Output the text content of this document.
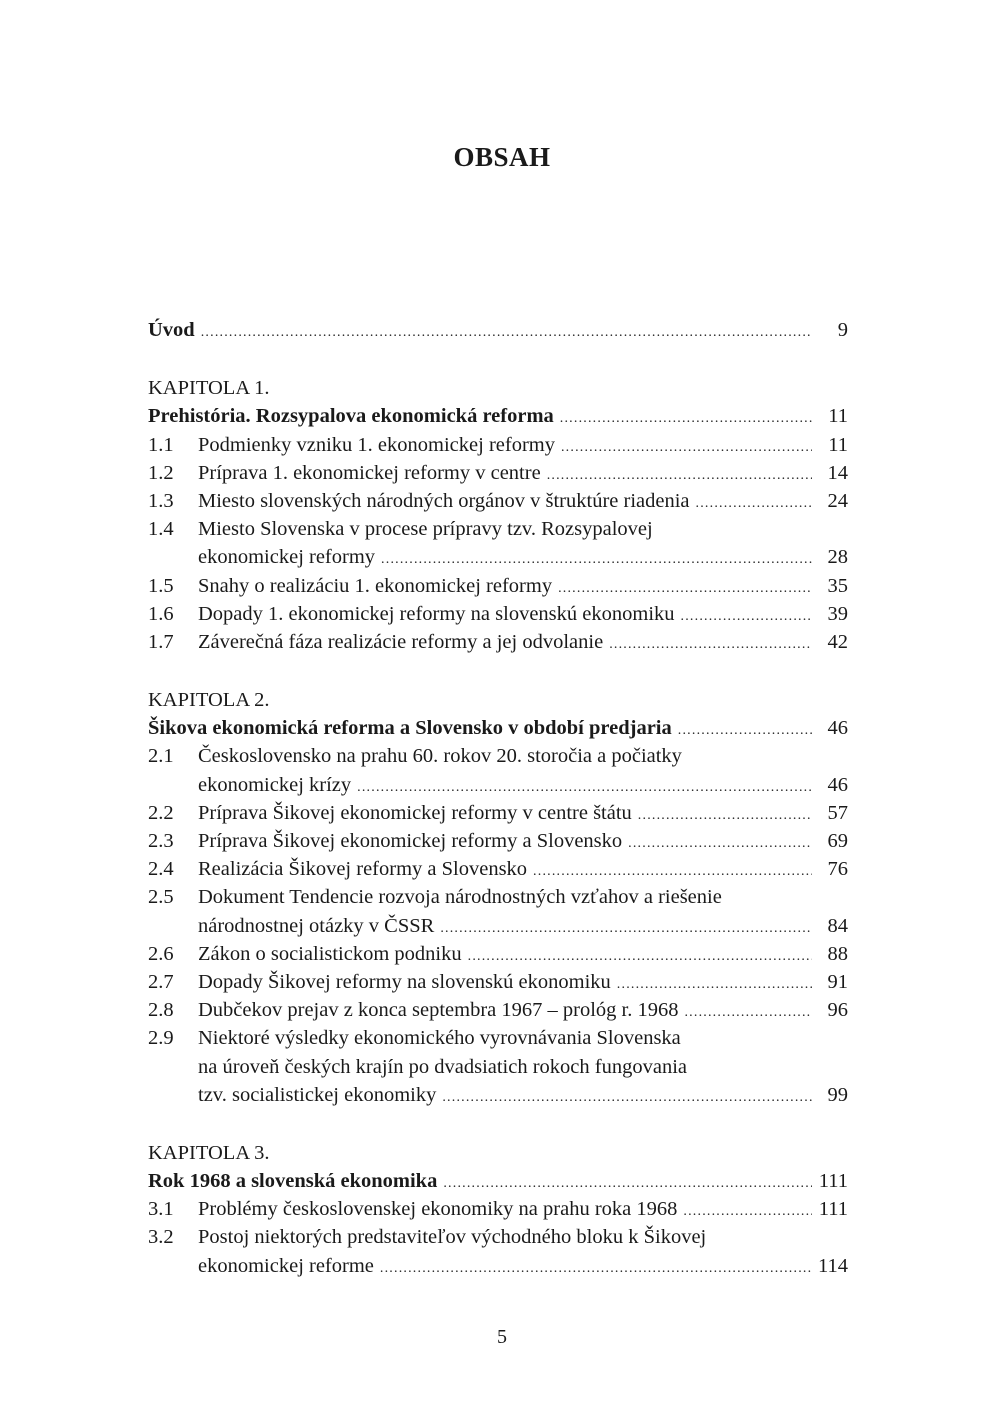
OBSAH
Úvod .....	9
KAPITOLA 1.
Prehistória. Rozsypalova ekonomická reforma .....	11
1.1	Podmienky vzniku 1. ekonomickej reformy .....	11
1.2	Príprava 1. ekonomickej reformy v centre .....	14
1.3	Miesto slovenských národných orgánov v štruktúre riadenia .....	24
1.4	Miesto Slovenska v procese prípravy tzv. Rozsypalovej
ekonomickej reformy .....	28
1.5	Snahy o realizáciu 1. ekonomickej reformy .....	35
1.6	Dopady 1. ekonomickej reformy na slovenskú ekonomiku .....	39
1.7	Záverečná fáza realizácie reformy a jej odvolanie .....	42
KAPITOLA 2.
Šikova ekonomická reforma a Slovensko v období predjaria .....	46
2.1	Československo na prahu 60. rokov 20. storočia a počiatky
ekonomickej krízy .....	46
2.2	Príprava Šikovej ekonomickej reformy v centre štátu .....	57
2.3	Príprava Šikovej ekonomickej reformy a Slovensko .....	69
2.4	Realizácia Šikovej reformy a Slovensko .....	76
2.5	Dokument Tendencie rozvoja národnostných vzťahov a riešenie
národnostnej otázky v ČSSR .....	84
2.6	Zákon o socialistickom podniku .....	88
2.7	Dopady Šikovej reformy na slovenskú ekonomiku .....	91
2.8	Dubčekov prejav z konca septembra 1967 – prológ r. 1968 .....	96
2.9	Niektoré výsledky ekonomického vyrovnávania Slovenska
na úroveň českých krajín po dvadsiatich rokoch fungovania
tzv. socialistickej ekonomiky .....	99
KAPITOLA 3.
Rok 1968 a slovenská ekonomika .....	111
3.1	Problémy československej ekonomiky na prahu roka 1968 .....	111
3.2	Postoj niektorých predstaviteľov východného bloku k Šikovej
ekonomickej reforme .....	114
5
